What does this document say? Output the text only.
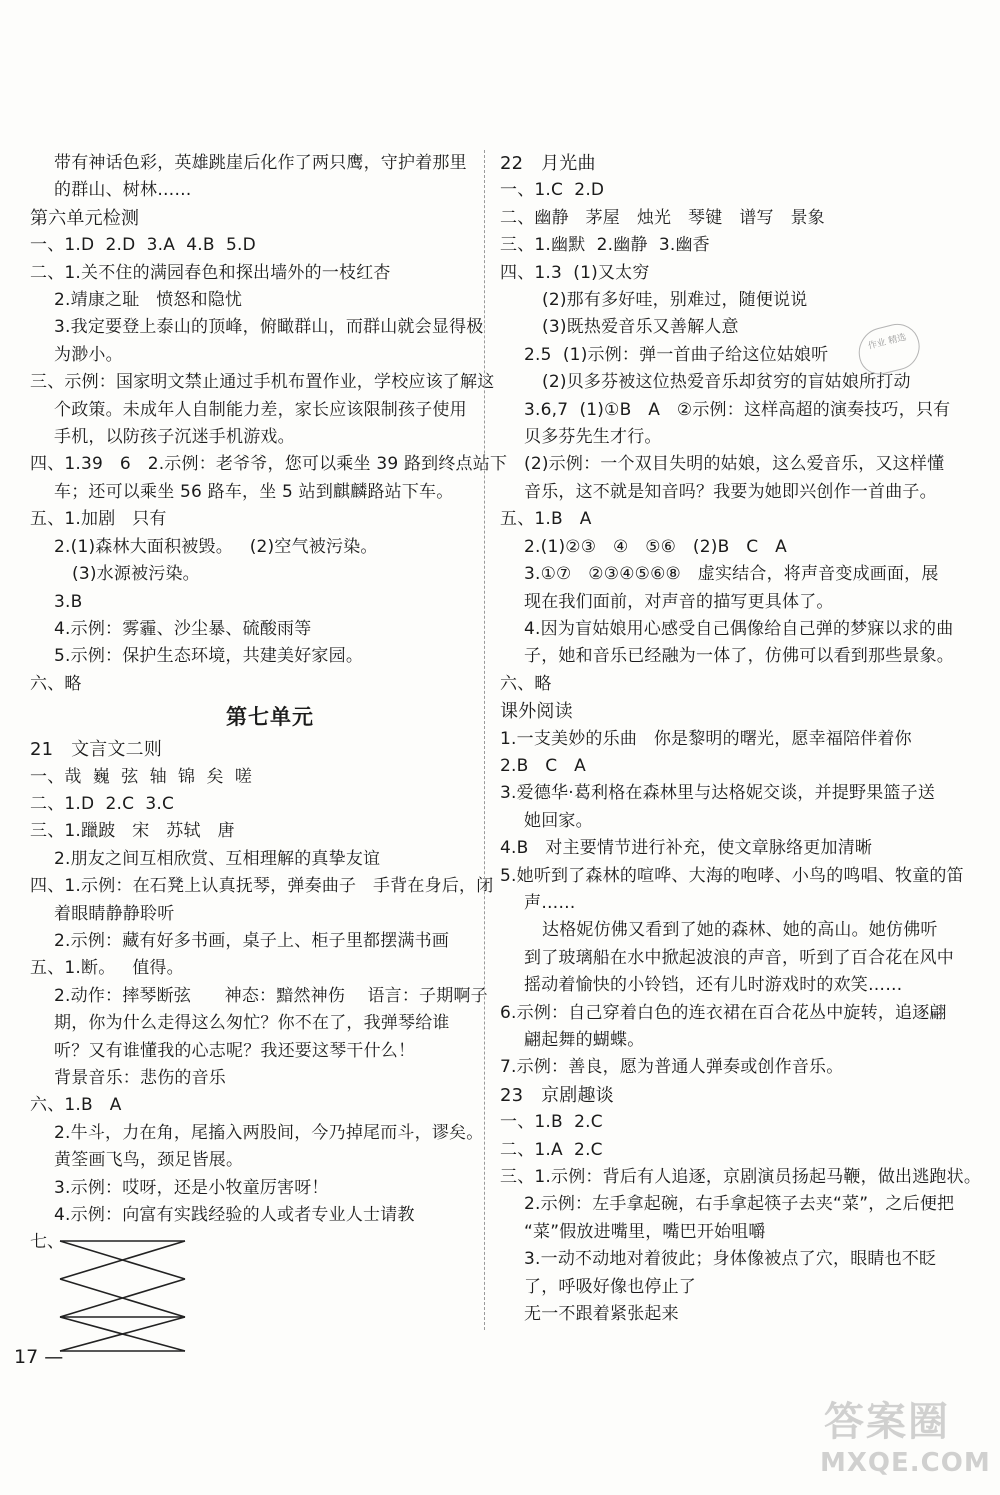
带有神话色彩，英雄跳崖后化作了两只鹰，守护着那里
的群山、树林……
第六单元检测
一、1.D  2.D  3.A  4.B  5.D
二、1.关不住的满园春色和探出墙外的一枝红杏
2.靖康之耻   愤怒和隐忧
3.我定要登上泰山的顶峰，俯瞰群山，而群山就会显得极
为渺小。
三、示例：国家明文禁止通过手机布置作业，学校应该了解这
个政策。未成年人自制能力差，家长应该限制孩子使用
手机，以防孩子沉迷手机游戏。
四、1.39   6   2.示例：老爷爷，您可以乘坐 39 路到终点站下
车；还可以乘坐 56 路车，坐 5 站到麒麟路站下车。
五、1.加剧   只有
2.(1)森林大面积被毁。   (2)空气被污染。
(3)水源被污染。
3.B
4.示例：雾霾、沙尘暴、硫酸雨等
5.示例：保护生态环境，共建美好家园。
六、略
第七单元
21   文言文二则
一、哉  巍  弦  轴  锦  矣  嗟
二、1.D  2.C  3.C
三、1.躐跛   宋   苏轼   唐
2.朋友之间互相欣赏、互相理解的真挚友谊
四、1.示例：在石凳上认真抚琴，弹奏曲子   手背在身后，闭
着眼睛静静聆听
2.示例：藏有好多书画，桌子上、柜子里都摆满书画
五、1.断。   值得。
2.动作：摔琴断弦      神态：黯然神伤    语言：子期啊子
期，你为什么走得这么匆忙？你不在了，我弹琴给谁
听？又有谁懂我的心志呢？我还要这琴干什么！
背景音乐：悲伤的音乐
六、1.B   A
2.牛斗，力在角，尾搐入两股间，今乃掉尾而斗，谬矣。
黄筌画飞鸟，颈足皆展。
3.示例：哎呀，还是小牧童厉害呀！
4.示例：向富有实践经验的人或者专业人士请教
七、
22   月光曲
一、1.C  2.D
二、幽静   茅屋   烛光   琴键   谱写   景象
三、1.幽默  2.幽静  3.幽香
四、1.3  (1)又太穷
(2)那有多好哇，别难过，随便说说
(3)既热爱音乐又善解人意
2.5  (1)示例：弹一首曲子给这位姑娘听
(2)贝多芬被这位热爱音乐却贫穷的盲姑娘所打动
3.6,7  (1)①B   A   ②示例：这样高超的演奏技巧，只有
贝多芬先生才行。
(2)示例：一个双目失明的姑娘，这么爱音乐，又这样懂
音乐，这不就是知音吗？我要为她即兴创作一首曲子。
五、1.B   A
2.(1)②③   ④   ⑤⑥   (2)B   C   A
3.①⑦   ②③④⑤⑥⑧   虚实结合，将声音变成画面，展
现在我们面前，对声音的描写更具体了。
4.因为盲姑娘用心感受自己偶像给自己弹的梦寐以求的曲
子，她和音乐已经融为一体了，仿佛可以看到那些景象。
六、略
课外阅读
1.一支美妙的乐曲   你是黎明的曙光，愿幸福陪伴着你
2.B   C   A
3.爱德华·葛利格在森林里与达格妮交谈，并提野果篮子送
她回家。
4.B   对主要情节进行补充，使文章脉络更加清晰
5.她听到了森林的喧哗、大海的咆哮、小鸟的鸣唱、牧童的笛
声……
达格妮仿佛又看到了她的森林、她的高山。她仿佛听
到了玻璃船在水中掀起波浪的声音，听到了百合花在风中
摇动着愉快的小铃铛，还有儿时游戏时的欢笑……
6.示例：自己穿着白色的连衣裙在百合花丛中旋转，追逐翩
翩起舞的蝴蝶。
7.示例：善良，愿为普通人弹奏或创作音乐。
23   京剧趣谈
一、1.B  2.C
二、1.A  2.C
三、1.示例：背后有人追逐，京剧演员扬起马鞭，做出逃跑状。
2.示例：左手拿起碗，右手拿起筷子去夹“菜”，之后便把
“菜”假放进嘴里，嘴巴开始咀嚼
3.一动不动地对着彼此；身体像被点了穴，眼睛也不眨
了，呼吸好像也停止了
无一不跟着紧张起来
作业 精选
17 —
答案圈
MXQE.COM
